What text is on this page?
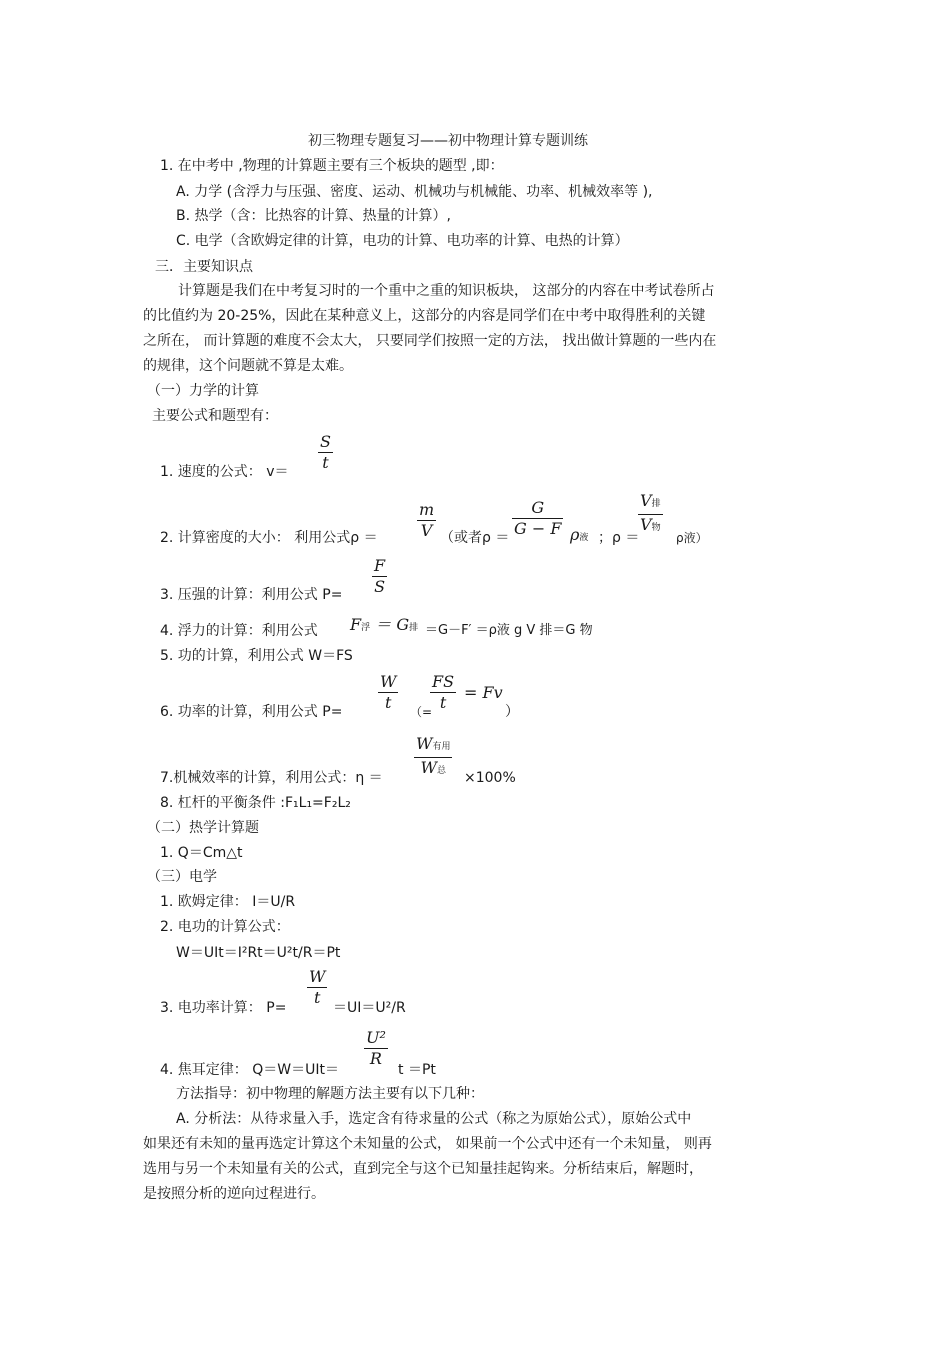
初三物理专题复习——初中物理计算专题训练
1. 在中考中 ,物理的计算题主要有三个板块的题型 ,即：
A. 力学 (含浮力与压强、密度、运动、机械功与机械能、功率、机械效率等 ),
B. 热学（含：比热容的计算、热量的计算）,
C. 电学（含欧姆定律的计算，电功的计算、电功率的计算、电热的计算）
三．主要知识点
计算题是我们在中考复习时的一个重中之重的知识板块， 这部分的内容在中考试卷所占
的比值约为 20-25%，因此在某种意义上，这部分的内容是同学们在中考中取得胜利的关键
之所在， 而计算题的难度不会太大， 只要同学们按照一定的方法， 找出做计算题的一些内在
的规律，这个问题就不算是太难。
（一）力学的计算
主要公式和题型有：
1. 速度的公式： v＝
S
t
2. 计算密度的大小： 利用公式ρ ＝
m
V （或者ρ ＝
G
G − F ρ液 ；ρ ＝
V排
V物
ρ液）
3. 压强的计算：利用公式 P=
F
S
4. 浮力的计算：利用公式 F浮 ＝ G排 ＝G－F′ ＝ρ液 g V 排＝G 物
5. 功的计算，利用公式 W＝FS
6. 功率的计算，利用公式 P=
W
t （=
FS
t
= Fv
）
7.机械效率的计算，利用公式：η ＝
W有用
W总 ×100%
8. 杠杆的平衡条件 :F₁L₁=F₂L₂
（二）热学计算题
1. Q＝Cm△t
（三）电学
1. 欧姆定律： I＝U/R
2. 电功的计算公式：
W＝UIt＝I²Rt＝U²t/R＝Pt
3. 电功率计算： P=
W
t
＝UI＝U²/R
4. 焦耳定律： Q＝W＝UIt＝
U²
R
t ＝Pt
方法指导：初中物理的解题方法主要有以下几种：
A. 分析法：从待求量入手，选定含有待求量的公式（称之为原始公式），原始公式中
如果还有未知的量再选定计算这个未知量的公式， 如果前一个公式中还有一个未知量， 则再
选用与另一个未知量有关的公式，直到完全与这个已知量挂起钩来。分析结束后，解题时，
是按照分析的逆向过程进行。
